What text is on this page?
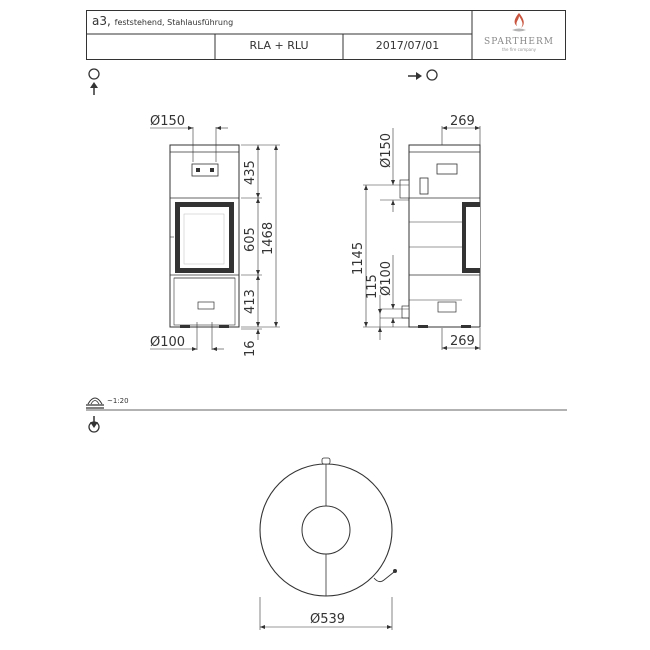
a3, feststehend, Stahlausführung
RLA + RLU	2017/07/01	SPARTHERM
the fire company
Ø150
Ø100
435
605
413
1468
16
269
269
Ø150
Ø100
1145
115
~1:20
Ø539
